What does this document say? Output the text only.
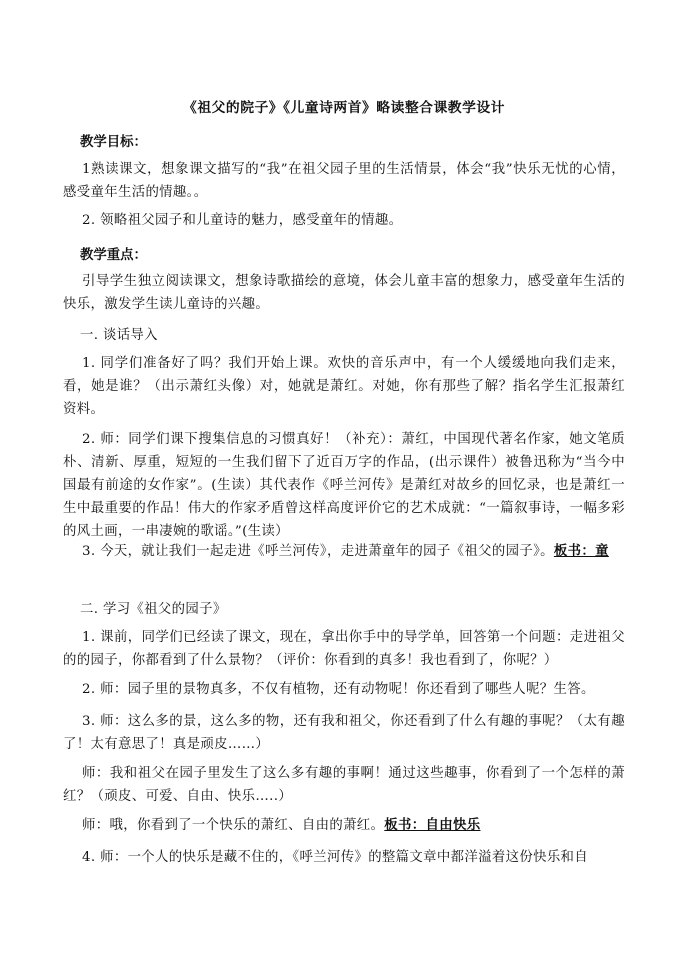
《祖父的院子》《儿童诗两首》略读整合课教学设计
教学目标：
1熟读课文，想象课文描写的“我”在祖父园子里的生活情景，体会“我”快乐无忧的心情，感受童年生活的情趣。。
2. 领略祖父园子和儿童诗的魅力，感受童年的情趣。
教学重点：
引导学生独立阅读课文，想象诗歌描绘的意境，体会儿童丰富的想象力，感受童年生活的快乐，激发学生读儿童诗的兴趣。
一. 谈话导入
1. 同学们准备好了吗？我们开始上课。欢快的音乐声中，有一个人缓缓地向我们走来，看，她是谁？（出示萧红头像）对，她就是萧红。对她，你有那些了解？指名学生汇报萧红资料。
2. 师：同学们课下搜集信息的习惯真好！（补充）：萧红，中国现代著名作家，她文笔质朴、清新、厚重，短短的一生我们留下了近百万字的作品，(出示课件）被鲁迅称为“当今中国最有前途的女作家”。(生读）其代表作《呼兰河传》是萧红对故乡的回忆录，也是萧红一生中最重要的作品！伟大的作家矛盾曾这样高度评价它的艺术成就：“一篇叙事诗，一幅多彩的风土画，一串凄婉的歌谣。”(生读）
3. 今天，就让我们一起走进《呼兰河传》，走进萧童年的园子《祖父的园子》。板书：童
二. 学习《祖父的园子》
1. 课前，同学们已经读了课文，现在，拿出你手中的导学单，回答第一个问题：走进祖父的的园子，你都看到了什么景物？（评价：你看到的真多！我也看到了，你呢？）
2. 师：园子里的景物真多，不仅有植物，还有动物呢！你还看到了哪些人呢？生答。
3. 师：这么多的景，这么多的物，还有我和祖父，你还看到了什么有趣的事呢？（太有趣了！太有意思了！真是顽皮……）
师：我和祖父在园子里发生了这么多有趣的事啊！通过这些趣事，你看到了一个怎样的萧红？（顽皮、可爱、自由、快乐…..）
师：哦，你看到了一个快乐的萧红、自由的萧红。板书：自由快乐
4. 师：一个人的快乐是藏不住的，《呼兰河传》的整篇文章中都洋溢着这份快乐和自
